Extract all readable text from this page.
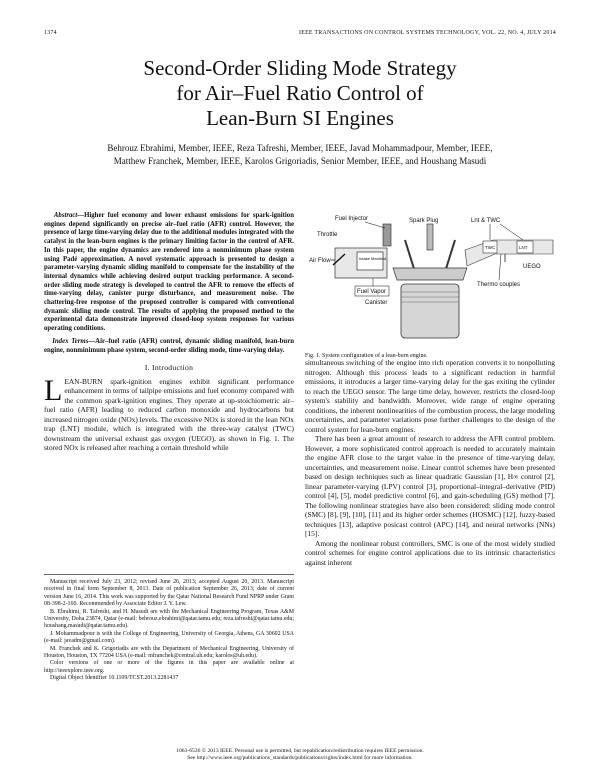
1374	IEEE TRANSACTIONS ON CONTROL SYSTEMS TECHNOLOGY, VOL. 22, NO. 4, JULY 2014
Second-Order Sliding Mode Strategy
for Air–Fuel Ratio Control of
Lean-Burn SI Engines
Behrouz Ebrahimi, Member, IEEE, Reza Tafreshi, Member, IEEE, Javad Mohammadpour, Member, IEEE,
Matthew Franchek, Member, IEEE, Karolos Grigoriadis, Senior Member, IEEE, and Houshang Masudi
Abstract—Higher fuel economy and lower exhaust emissions for spark-ignition engines depend significantly on precise air–fuel ratio (AFR) control. However, the presence of large time-varying delay due to the additional modules integrated with the catalyst in the lean-burn engines is the primary limiting factor in the control of AFR. In this paper, the engine dynamics are rendered into a nonminimum phase system using Padé approximation. A novel systematic approach is presented to design a parameter-varying dynamic sliding manifold to compensate for the instability of the internal dynamics while achieving desired output tracking performance. A second-order sliding mode strategy is developed to control the AFR to remove the effects of time-varying delay, canister purge disturbance, and measurement noise. The chattering-free response of the proposed controller is compared with conventional dynamic sliding mode control. The results of applying the proposed method to the experimental data demonstrate improved closed-loop system responses for various operating conditions.
Index Terms—Air–fuel ratio (AFR) control, dynamic sliding manifold, lean-burn engine, nonminimum phase system, second-order sliding mode, time-varying delay.
I. Introduction

LEAN-BURN spark-ignition engines exhibit significant performance enhancement in terms of tailpipe emissions and fuel economy compared with the common spark-ignition engines. They operate at up-stoichiometric air–fuel ratio (AFR) leading to reduced carbon monoxide and hydrocarbons but increased nitrogen oxide (NOx) levels. The excessive NOx is stored in the lean NOx trap (LNT) module, which is integrated with the three-way catalyst (TWC) downstream the universal exhaust gas oxygen (UEGO), as shown in Fig. 1. The stored NOx is released after reaching a certain threshold while

Manuscript received July 23, 2012; revised June 26, 2013; accepted August 20, 2013. Manuscript received in final form September 8, 2013. Date of publication September 26, 2013; date of current version June 16, 2014. This work was supported by the Qatar National Research Fund NPRP under Grant 08-398-2-160. Recommended by Associate Editor J. Y. Lew.

B. Ebrahimi, R. Tafreshi, and H. Masudi are with the Mechanical Engineering Program, Texas A&M University, Doha 23874, Qatar (e-mail: behrouz.ebrahimi@qatar.tamu.edu; reza.tafreshi@qatar.tamu.edu; houshang.masudi@qatar.tamu.edu).

J. Mohammadpour is with the College of Engineering, University of Georgia, Athens, GA 30602 USA (e-mail: javadm@gmail.com).

M. Franchek and K. Grigoriadis are with the Department of Mechanical Engineering, University of Houston, Houston, TX 77204 USA (e-mail: mfranchek@central.uh.edu; karolos@uh.edu).

Color versions of one or more of the figures in this paper are available online at http://ieeexplore.ieee.org.

Digital Object Identifier 10.1109/TCST.2013.2281437

Intake Manifold
Throttle
Air Flow
Fuel Injector	Spark Plug
Fuel Vapor
Canister
TWC	LNT
Lnt & TWC
UEGO
Thermo couples
Fig. 1. System configuration of a lean-burn engine.

simultaneous switching of the engine into rich operation converts it to nonpolluting nitrogen. Although this process leads to a significant reduction in harmful emissions, it introduces a larger time-varying delay for the gas exiting the cylinder to reach the UEGO sensor. The large time delay, however, restricts the closed-loop system's stability and bandwidth. Moreover, wide range of engine operating conditions, the inherent nonlinearities of the combustion process, the large modeling uncertainties, and parameter variations pose further challenges to the design of the control system for lean-burn engines.

There has been a great amount of research to address the AFR control problem. However, a more sophisticated control approach is needed to accurately maintain the engine AFR close to the target value in the presence of time-varying delay, uncertainties, and measurement noise. Linear control schemes have been presented based on design techniques such as linear quadratic Gaussian [1], H∞ control [2], linear parameter-varying (LPV) control [3], proportional–integral–derivative (PID) control [4], [5], model predictive control [6], and gain-scheduling (GS) method [7]. The following nonlinear strategies have also been considered: sliding mode control (SMC) [8], [9], [10], [11] and its higher order schemes (HOSMC) [12], fuzzy-based techniques [13], adaptive posicast control (APC) [14], and neural networks (NNs) [15].

Among the nonlinear robust controllers, SMC is one of the most widely studied control schemes for engine control applications due to its intrinsic characteristics against inherent

1063-6536 © 2013 IEEE. Personal use is permitted, but republication/redistribution requires IEEE permission.
See http://www.ieee.org/publications_standards/publications/rights/index.html for more information.
